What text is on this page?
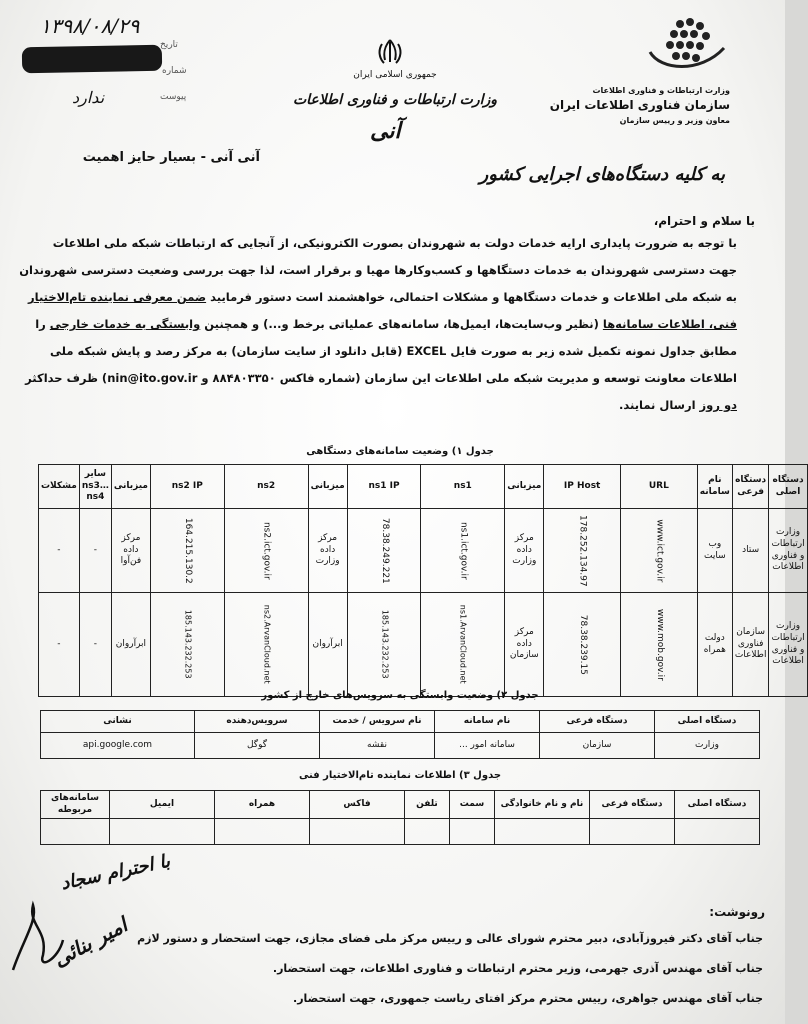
۱۳۹۸/۰۸/۲۹
تاریخ
شماره
ندارد	پیوست
جمهوری اسلامی ایران
وزارت ارتباطات و فناوری اطلاعات
آنی
وزارت ارتباطات و فناوری اطلاعات
سازمان فناوری اطلاعات ایران
معاون وزیر و رییس سازمان
آنی آنی - بسیار حایز اهمیت
به کلیه دستگاه‌های اجرایی کشور
با سلام و احترام،
با توجه به ضرورت پایداری ارایه خدمات دولت به شهروندان بصورت الکترونیکی، از آنجایی که ارتباطات شبکه ملی اطلاعات
جهت دسترسی شهروندان به خدمات دستگاهها و کسب‌وکارها مهیا و برقرار است، لذا جهت بررسی وضعیت دسترسی شهروندان
به شبکه ملی اطلاعات و خدمات دستگاهها و مشکلات احتمالی، خواهشمند است دستور فرمایید ضمن معرفی نماینده تام‌الاختیار
فنی، اطلاعات سامانه‌ها (نظیر وب‌سایت‌ها، ایمیل‌ها، سامانه‌های عملیاتی برخط و...) و همچنین وابستگی به خدمات خارجی را
مطابق جداول نمونه تکمیل شده زیر به صورت فایل EXCEL (قابل دانلود از سایت سازمان) به مرکز رصد و پایش شبکه ملی
اطلاعات معاونت توسعه و مدیریت شبکه ملی اطلاعات این سازمان (شماره فاکس ۸۸۴۸۰۳۳۵۰ و nin@ito.gov.ir) ظرف حداکثر
دو روز ارسال نمایند.
جدول ۱) وضعیت سامانه‌های دستگاهی
دستگاه اصلی	دستگاه فرعی	نام سامانه	URL	IP Host	میزبانی	ns1	ns1 IP	میزبانی	ns2	ns2 IP	میزبانی	سایر ns3…ns4	مشکلات
وزارت ارتباطات و فناوری اطلاعات	ستاد	وب سایت	www.ict.gov.ir	178.252.134.97	مرکز داده وزارت	ns1.ict.gov.ir	78.38.249.221	مرکز داده وزارت	ns2.ict.gov.ir	164.215.130.2	مرکز داده فن‌آوا	-	-
وزارت ارتباطات و فناوری اطلاعات	سازمان فناوری اطلاعات	دولت همراه	www.mob.gov.ir	78.38.239.15	مرکز داده سازمان	ns1.ArvanCloud.net	185.143.232.253	ابرآروان	ns2.ArvanCloud.net	185.143.232.253	ابرآروان	-	-
جدول ۲) وضعیت وابستگی به سرویس‌های خارج از کشور
دستگاه اصلی	دستگاه فرعی	نام سامانه	نام سرویس / خدمت	سرویس‌دهنده	نشانی
وزارت	سازمان	سامانه امور ...	نقشه	گوگل	api.google.com
جدول ۳) اطلاعات نماینده تام‌الاختیار فنی
دستگاه اصلی	دستگاه فرعی	نام و نام خانوادگی	سمت	تلفن	فاکس	همراه	ایمیل	سامانه‌های مربوطه

با احترام سجاد
امیر بنائی
رونوشت:
جناب آقای دکتر فیروزآبادی، دبیر محترم شورای عالی و رییس مرکز ملی فضای مجازی، جهت استحضار و دستور لازم
جناب آقای مهندس آذری جهرمی، وزیر محترم ارتباطات و فناوری اطلاعات، جهت استحضار.
جناب آقای مهندس جواهری، رییس محترم مرکز افتای ریاست جمهوری، جهت استحضار.
